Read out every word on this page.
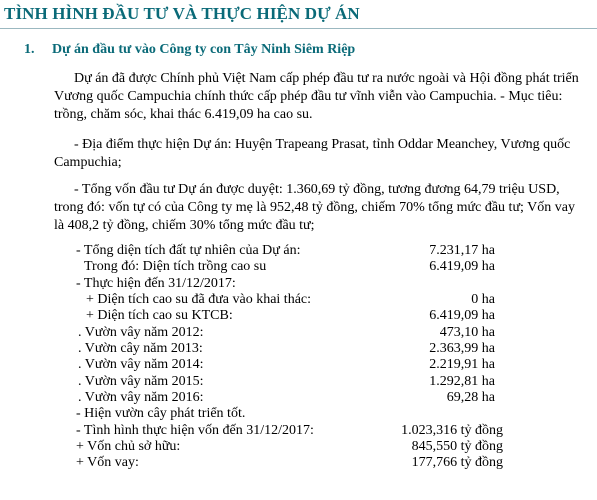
TÌNH HÌNH ĐẦU TƯ VÀ THỰC HIỆN DỰ ÁN
1. Dự án đầu tư vào Công ty con Tây Ninh Siêm Riệp

Dự án đã được Chính phủ Việt Nam cấp phép đầu tư ra nước ngoài và Hội đồng phát triển Vương quốc Campuchia chính thức cấp phép đầu tư vĩnh viễn vào Campuchia. - Mục tiêu: trồng, chăm sóc, khai thác 6.419,09 ha cao su.

- Địa điểm thực hiện Dự án: Huyện Trapeang Prasat, tỉnh Oddar Meanchey, Vương quốc Campuchia;

- Tổng vốn đầu tư Dự án được duyệt: 1.360,69 tỷ đồng, tương đương 64,79 triệu USD, trong đó: vốn tự có của Công ty mẹ là 952,48 tỷ đồng, chiếm 70% tổng mức đầu tư; Vốn vay là 408,2 tỷ đồng, chiếm 30% tổng mức đầu tư;

- Tổng diện tích đất tự nhiên của Dự án:	7.231,17 ha
Trong đó: Diện tích trồng cao su	6.419,09 ha
- Thực hiện đến 31/12/2017:
+ Diện tích cao su đã đưa vào khai thác:	0 ha
+ Diện tích cao su KTCB:	6.419,09 ha
. Vườn vây năm 2012:	473,10 ha
. Vườn cây năm 2013:	2.363,99 ha
. Vườn vây năm 2014:	2.219,91 ha
. Vườn vây năm 2015:	1.292,81 ha
. Vườn vây năm 2016:	69,28 ha
- Hiện vườn cây phát triển tốt.
- Tình hình thực hiện vốn đến 31/12/2017:	1.023,316 tỷ đồng
+ Vốn chủ sở hữu:	845,550 tỷ đồng
+ Vốn vay:	177,766 tỷ đồng
